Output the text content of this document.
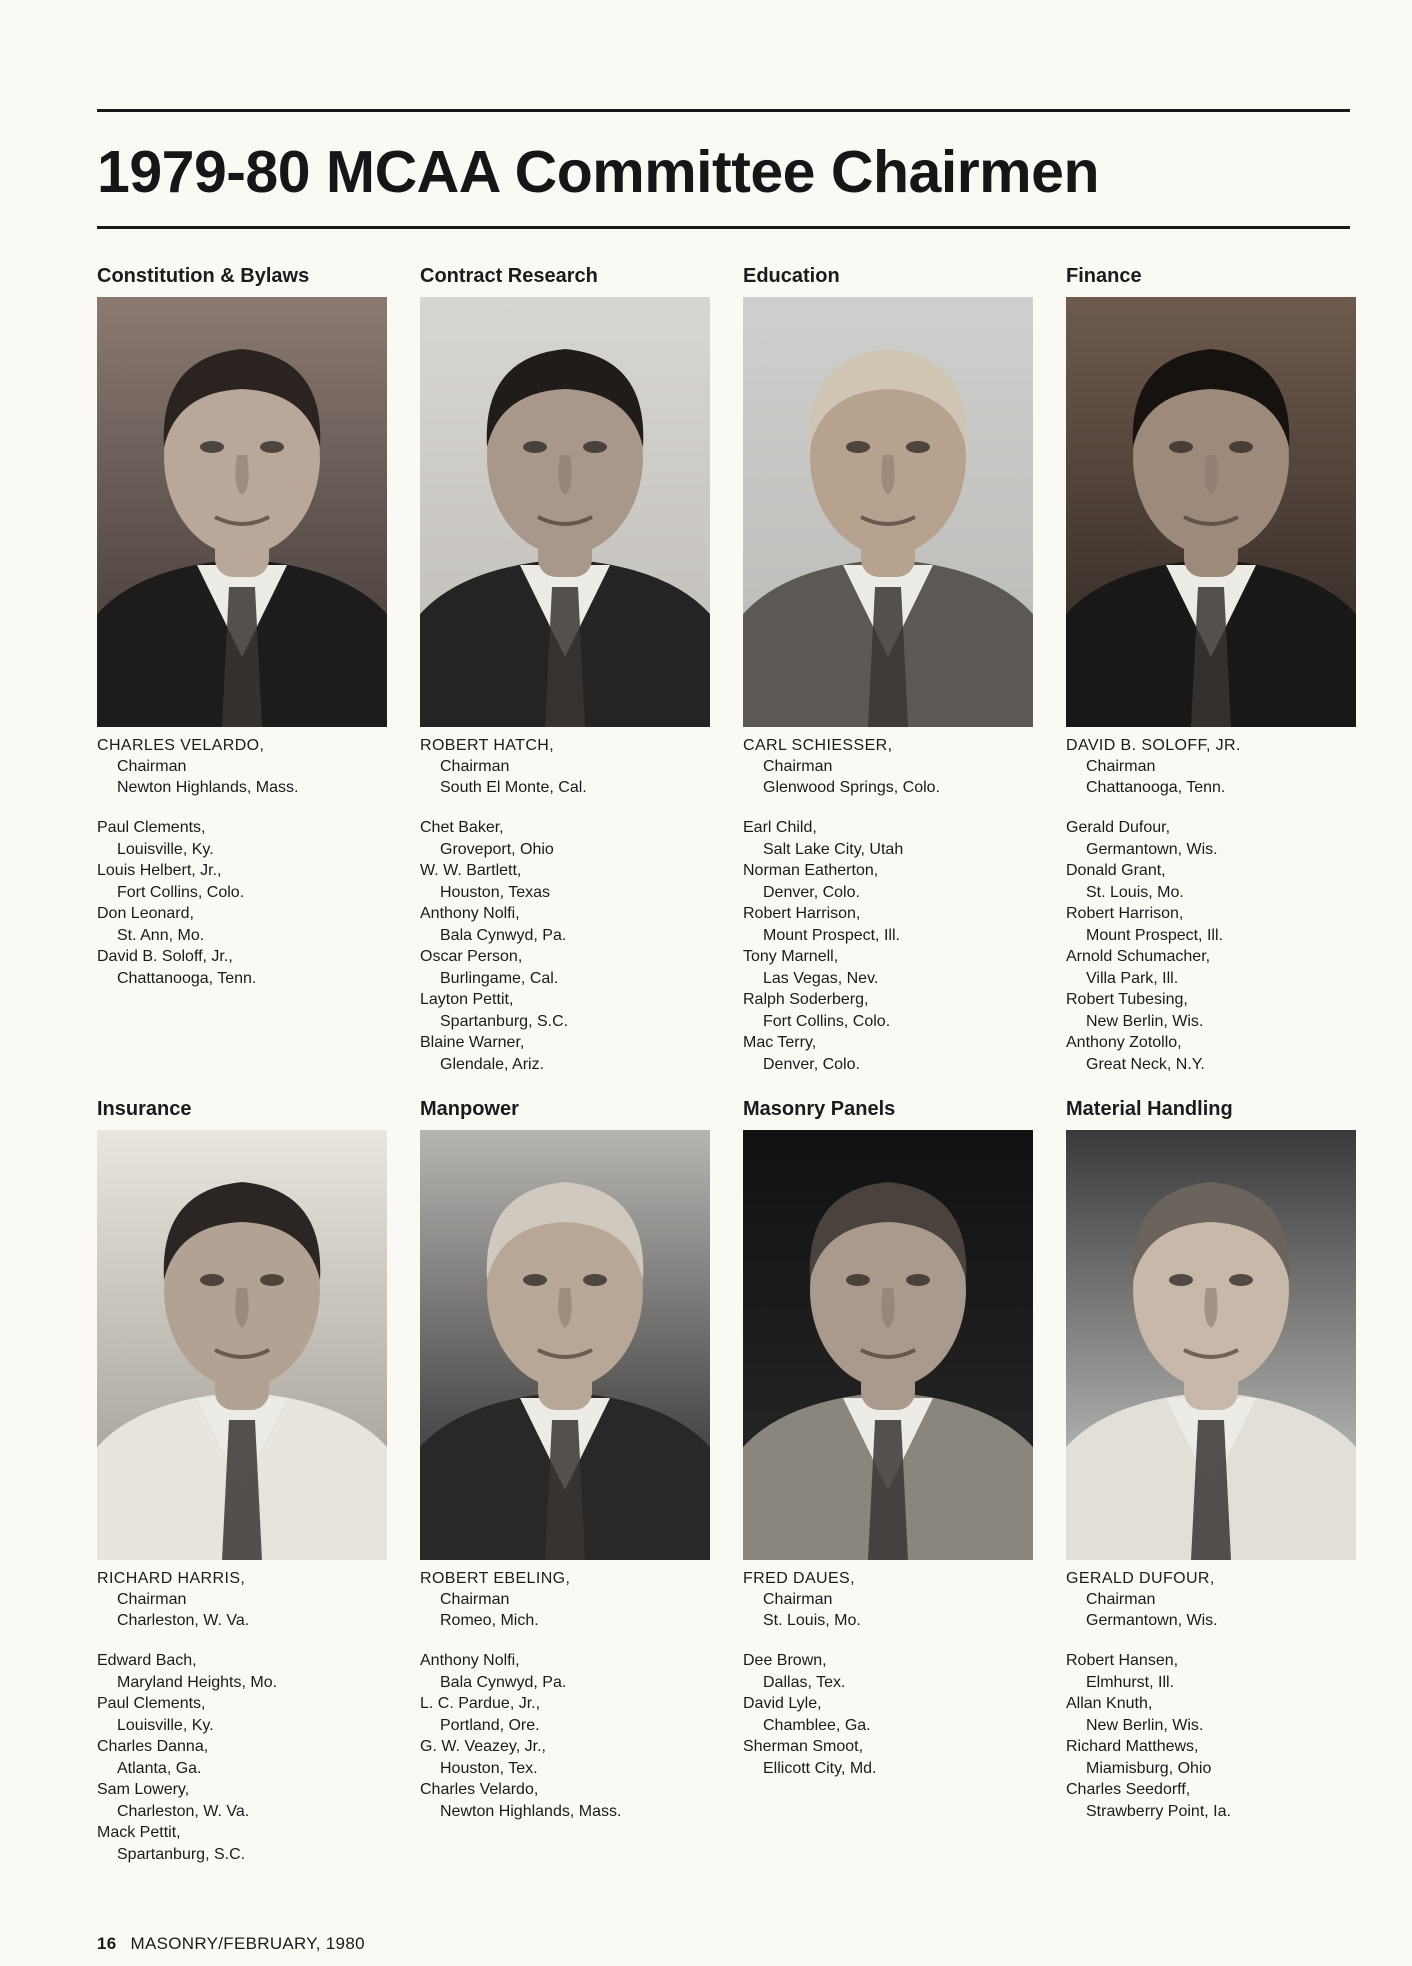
1979-80 MCAA Committee Chairmen
Constitution & Bylaws
CHARLES VELARDO,
Chairman
Newton Highlands, Mass.
Paul Clements,
Louisville, Ky.
Louis Helbert, Jr.,
Fort Collins, Colo.
Don Leonard,
St. Ann, Mo.
David B. Soloff, Jr.,
Chattanooga, Tenn.
Contract Research
ROBERT HATCH,
Chairman
South El Monte, Cal.
Chet Baker,
Groveport, Ohio
W. W. Bartlett,
Houston, Texas
Anthony Nolfi,
Bala Cynwyd, Pa.
Oscar Person,
Burlingame, Cal.
Layton Pettit,
Spartanburg, S.C.
Blaine Warner,
Glendale, Ariz.
Education
CARL SCHIESSER,
Chairman
Glenwood Springs, Colo.
Earl Child,
Salt Lake City, Utah
Norman Eatherton,
Denver, Colo.
Robert Harrison,
Mount Prospect, Ill.
Tony Marnell,
Las Vegas, Nev.
Ralph Soderberg,
Fort Collins, Colo.
Mac Terry,
Denver, Colo.
Finance
DAVID B. SOLOFF, JR.
Chairman
Chattanooga, Tenn.
Gerald Dufour,
Germantown, Wis.
Donald Grant,
St. Louis, Mo.
Robert Harrison,
Mount Prospect, Ill.
Arnold Schumacher,
Villa Park, Ill.
Robert Tubesing,
New Berlin, Wis.
Anthony Zotollo,
Great Neck, N.Y.
Insurance
RICHARD HARRIS,
Chairman
Charleston, W. Va.
Edward Bach,
Maryland Heights, Mo.
Paul Clements,
Louisville, Ky.
Charles Danna,
Atlanta, Ga.
Sam Lowery,
Charleston, W. Va.
Mack Pettit,
Spartanburg, S.C.
Manpower
ROBERT EBELING,
Chairman
Romeo, Mich.
Anthony Nolfi,
Bala Cynwyd, Pa.
L. C. Pardue, Jr.,
Portland, Ore.
G. W. Veazey, Jr.,
Houston, Tex.
Charles Velardo,
Newton Highlands, Mass.
Masonry Panels
FRED DAUES,
Chairman
St. Louis, Mo.
Dee Brown,
Dallas, Tex.
David Lyle,
Chamblee, Ga.
Sherman Smoot,
Ellicott City, Md.
Material Handling
GERALD DUFOUR,
Chairman
Germantown, Wis.
Robert Hansen,
Elmhurst, Ill.
Allan Knuth,
New Berlin, Wis.
Richard Matthews,
Miamisburg, Ohio
Charles Seedorff,
Strawberry Point, Ia.
16 MASONRY/FEBRUARY, 1980
